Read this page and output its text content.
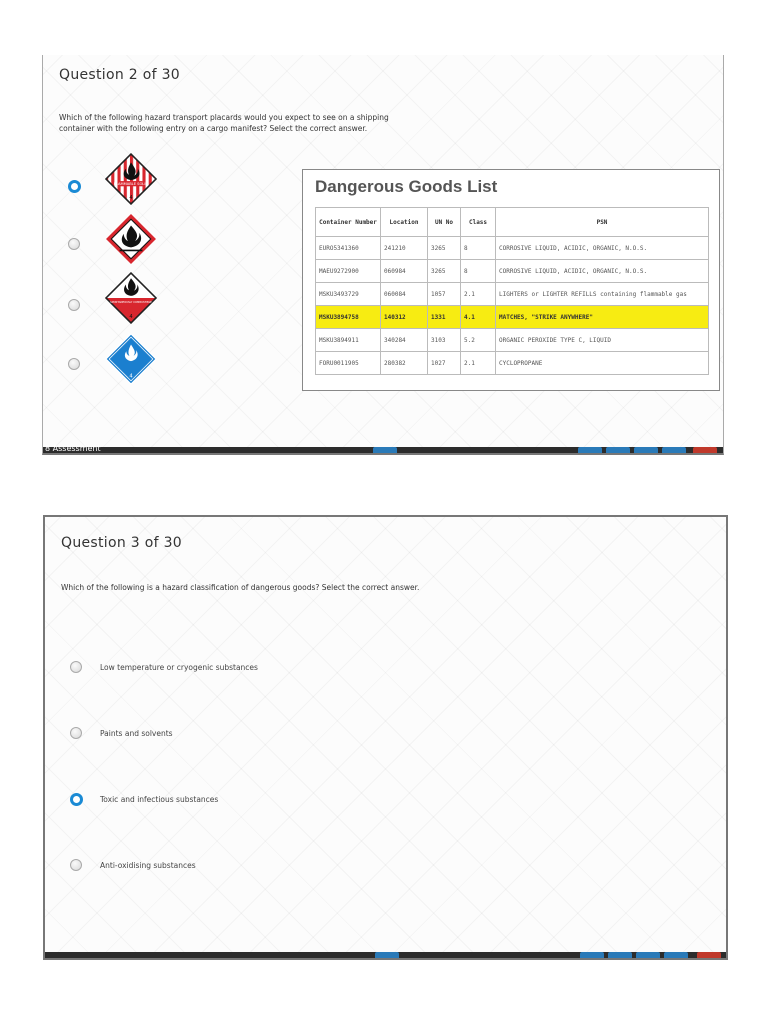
Question 2 of 30
Which of the following hazard transport placards would you expect to see on a shipping
container with the following entry on a cargo manifest? Select the correct answer.
FLAMMABLE SOLID
4
SPONTANEOUSLY COMBUSTIBLE
4
4
Dangerous Goods List
Container Number	Location	UN No	Class	PSN
EURO5341360	241210	3265	8	CORROSIVE LIQUID, ACIDIC, ORGANIC, N.O.S.
MAEU9272900	060984	3265	8	CORROSIVE LIQUID, ACIDIC, ORGANIC, N.O.S.
MSKU3493729	060084	1057	2.1	LIGHTERS or LIGHTER REFILLS containing flammable gas
MSKU3894758	140312	1331	4.1	MATCHES, "STRIKE ANYWHERE"
MSKU3894911	340284	3103	5.2	ORGANIC PEROXIDE TYPE C, LIQUID
FORU0011905	280382	1027	2.1	CYCLOPROPANE
8 Assessment
Question 3 of 30
Which of the following is a hazard classification of dangerous goods? Select the correct answer.
Low temperature or cryogenic substances
Paints and solvents
Toxic and infectious substances
Anti-oxidising substances
